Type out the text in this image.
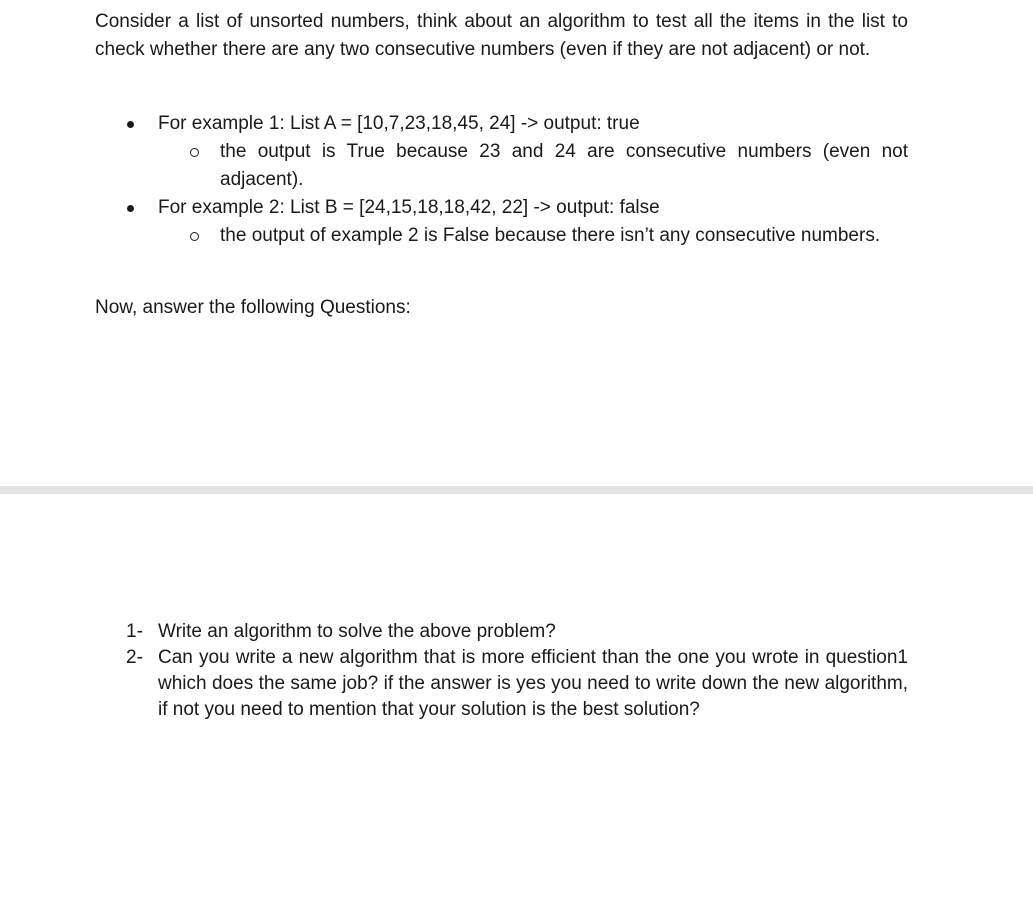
Consider a list of unsorted numbers, think about an algorithm to test all the items in the list to check whether there are any two consecutive numbers (even if they are not adjacent) or not.

For example 1: List A = [10,7,23,18,45, 24] -> output: true

the output is True because 23 and 24 are consecutive numbers (even not adjacent).

For example 2: List B = [24,15,18,18,42, 22] -> output: false

the output of example 2 is False because there isn’t any consecutive numbers.

Now, answer the following Questions:

1- Write an algorithm to solve the above problem?

2- Can you write a new algorithm that is more efficient than the one you wrote in question1 which does the same job? if the answer is yes you need to write down the new algorithm, if not you need to mention that your solution is the best solution?
